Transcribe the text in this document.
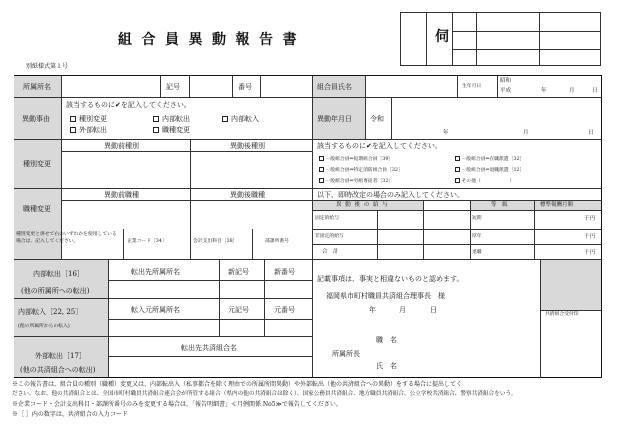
組合員異動報告書
別紙様式第１号
伺
所属所名	記号	番号	組合員氏名	生年月日
昭和
平成	年	月	日
異動事由
該当するものに✔を記入してください。
種別変更	内部転出	内部転入
外部転出	職種変更
異動年月日	令和
年	月	日
種別変更
異動前種別	異動後種別	該当するものに✔を記入してください。
一般組合員⇔短期組合員［39］	一般組合員⇔在職派遣［32］
一般組合員⇔特定消防組合員［32］	一般組合員⇔退職派遣［12］
一般組合員⇔労組専従者［32］	その他（　　　　　　）
職種変更
異動前職種	異動後職種	以下、即時改定の場合のみ記入してください。
異 動 後 の 給 与	等　級	標準報酬月額
固定的給与	短期	千円
非固定的給与	厚年	千円
合　計	退職	千円
種別変更と併せて右のいずれかを使用している場合は、記入してください。	企業コード［34］	会計支出科目［38］	部課所番号
内部転出［16］
(他の所属所への転出)
転出先所属所名	新記号	新番号
内部転入［22, 25］
(他の所属所からの転入)
転入元所属所名	元記号	元番号
外部転出［17］
(他の共済組合への転出)
転出先共済組合名
記載事項は、事実と相違ないものと認めます。
福岡県市町村職員共済組合理事長　様
年	月	日
職　名
所属所長
氏　名
共済組合受付印
※この報告書は、組合員の種別（職種）変更又は、内部転出入（私事都合を除く理由での所属所間異動）や外部転出（他の共済組合への異動）をする場合に提出してく
ださい。なお、他の共済組合とは、全国市町村職員共済組合連合会が所管する組合（県内の他の共済組合は除く）、国家公務員共済組合、地方職員共済組合、公立学校共済組合、警察共済組合をいう。
※企業コード・会計支出科目・部課所番号のみを変更する場合は、「報告明細書」≪月例関係 No5≫で報告してください。
※［ ］内の数字は、共済組合の入力コード
